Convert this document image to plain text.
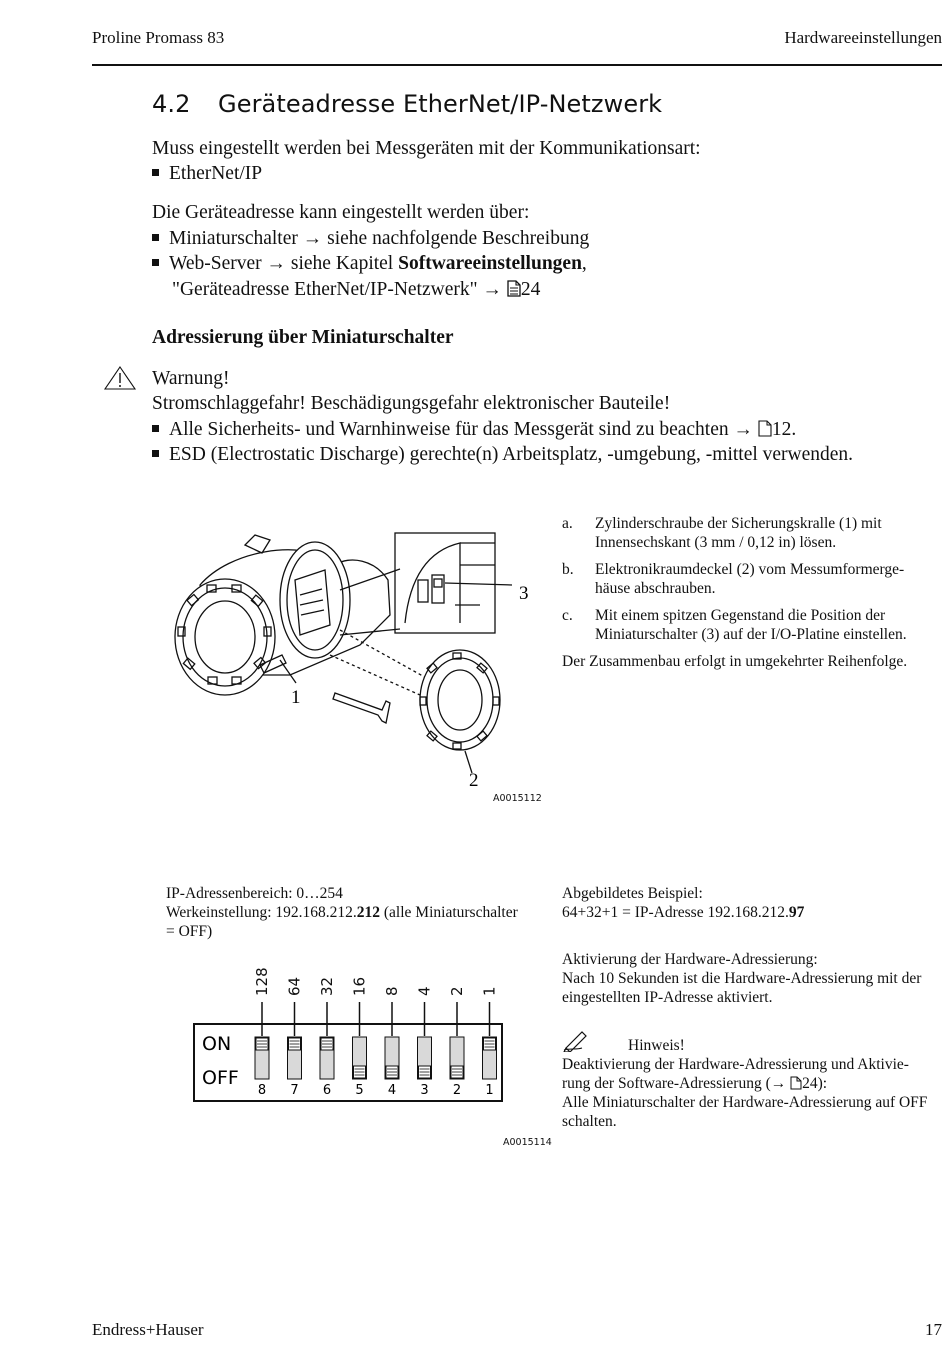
Proline Promass 83	Hardwareeinstellungen
4.2 Geräteadresse EtherNet/IP-Netzwerk
Muss eingestellt werden bei Messgeräten mit der Kommunikationsart:
EtherNet/IP
Die Geräteadresse kann eingestellt werden über:
Miniaturschalter → siehe nachfolgende Beschreibung
Web-Server → siehe Kapitel Softwareeinstellungen,
"Geräteadresse EtherNet/IP-Netzwerk" → 24
Adressierung über Miniaturschalter
Warnung!
Stromschlaggefahr! Beschädigungsgefahr elektronischer Bauteile!
Alle Sicherheits- und Warnhinweise für das Messgerät sind zu beachten → 12.
ESD (Electrostatic Discharge) gerechte(n) Arbeitsplatz, -umgebung, -mittel verwenden.
3
1
2
A0015112
a.	Zylinderschraube der Sicherungskralle (1) mit Innensechskant (3 mm / 0,12 in) lösen.
b.	Elektronikraumdeckel (2) vom Messumformerge- häuse abschrauben.
c.	Mit einem spitzen Gegenstand die Position der Miniaturschalter (3) auf der I/O-Platine einstellen.
Der Zusammenbau erfolgt in umgekehrter Reihenfolge.
IP-Adressenbereich: 0…254
Werkeinstellung: 192.168.212.212 (alle Miniaturschalter
= OFF)
128 64 32 16 8 4 2 1
ON
OFF
8 7 6 5 4 3 2 1
A0015114
Abgebildetes Beispiel:
64+32+1 = IP-Adresse 192.168.212.97
Aktivierung der Hardware-Adressierung:
Nach 10 Sekunden ist die Hardware-Adressierung mit der
eingestellten IP-Adresse aktiviert.
Hinweis!
Deaktivierung der Hardware-Adressierung und Aktivie-
rung der Software-Adressierung (→ 24):
Alle Miniaturschalter der Hardware-Adressierung auf OFF
schalten.
Endress+Hauser	17
